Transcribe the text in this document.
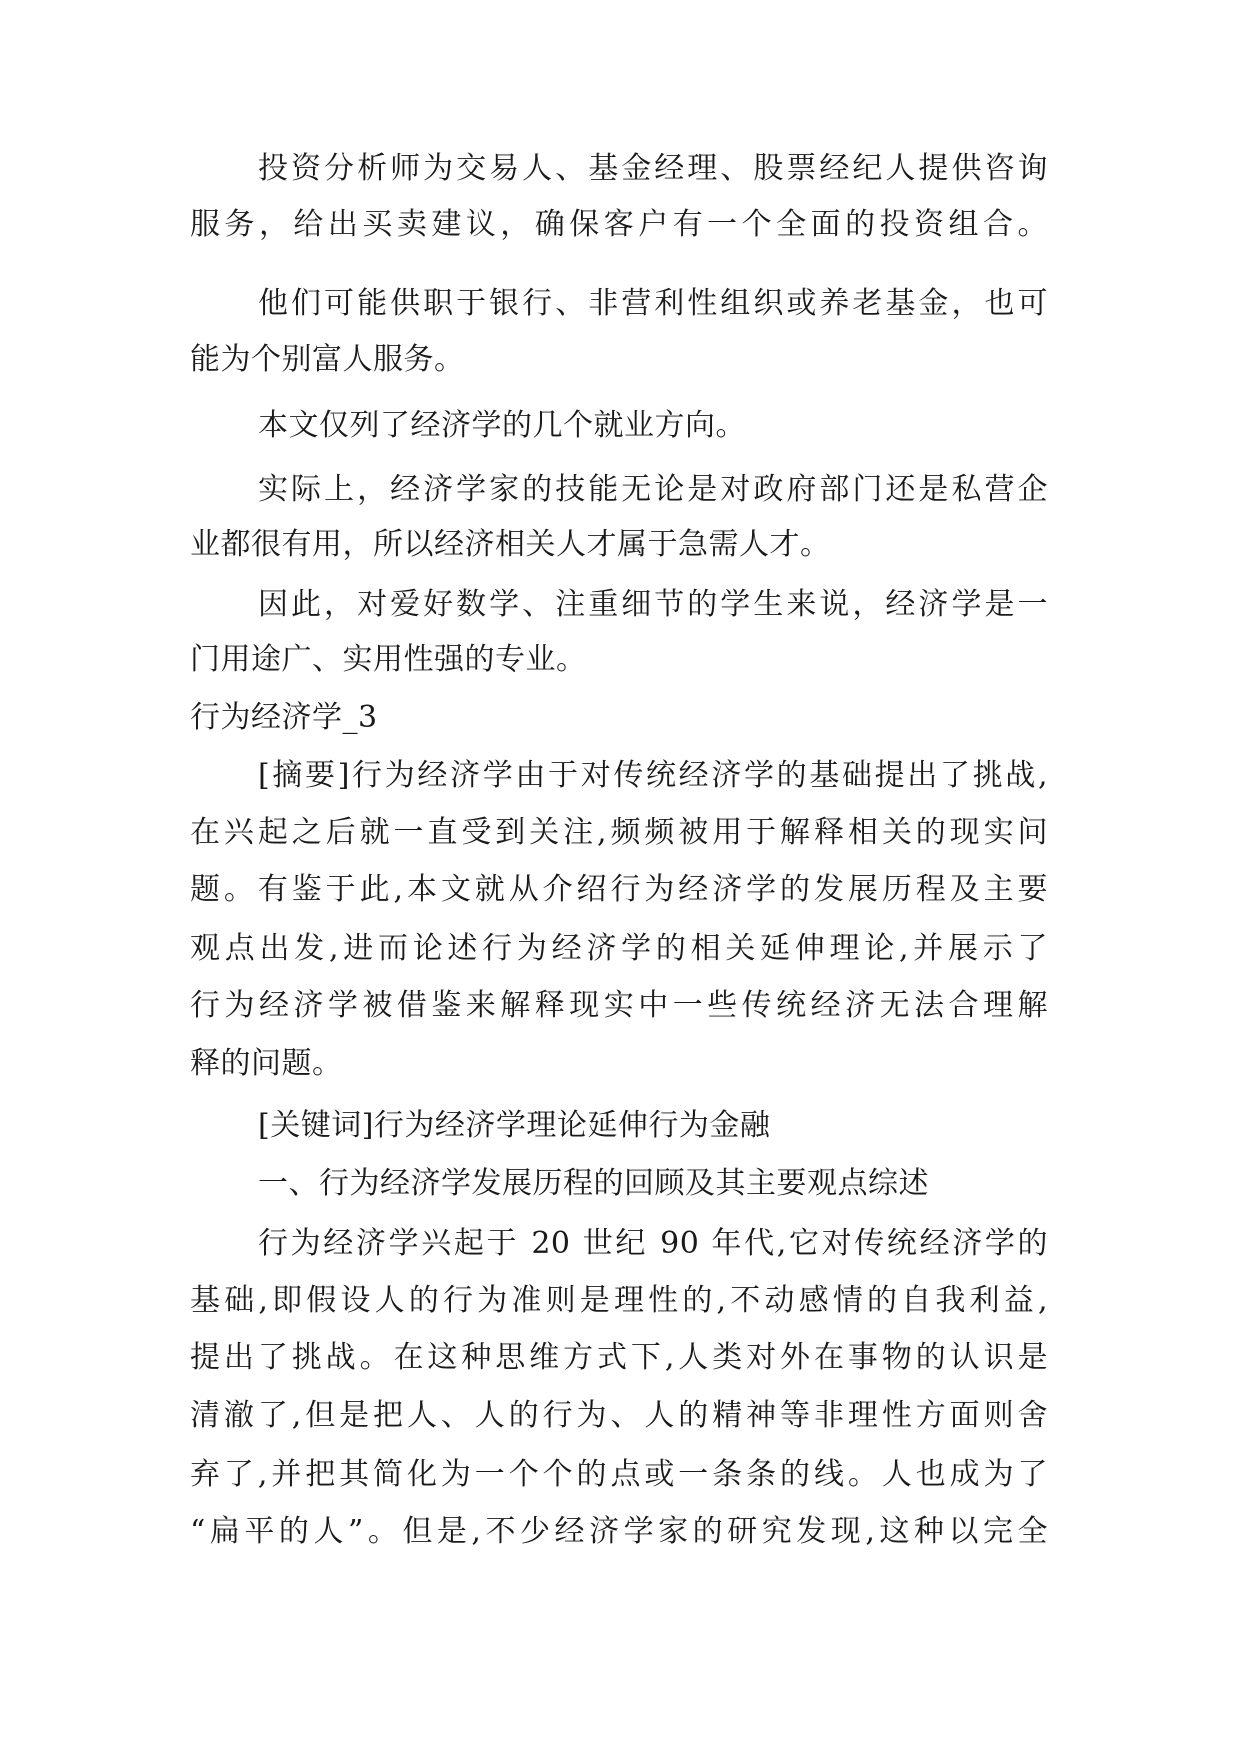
投资分析师为交易人、基金经理、股票经纪人提供咨询

服务，给出买卖建议，确保客户有一个全面的投资组合。

他们可能供职于银行、非营利性组织或养老基金，也可

能为个别富人服务。

本文仅列了经济学的几个就业方向。

实际上，经济学家的技能无论是对政府部门还是私营企

业都很有用，所以经济相关人才属于急需人才。

因此，对爱好数学、注重细节的学生来说，经济学是一

门用途广、实用性强的专业。

行为经济学_3

[摘要]行为经济学由于对传统经济学的基础提出了挑战,

在兴起之后就一直受到关注,频频被用于解释相关的现实问

题。有鉴于此,本文就从介绍行为经济学的发展历程及主要

观点出发,进而论述行为经济学的相关延伸理论,并展示了

行为经济学被借鉴来解释现实中一些传统经济无法合理解

释的问题。

[关键词]行为经济学理论延伸行为金融

一、行为经济学发展历程的回顾及其主要观点综述

行为经济学兴起于 20 世纪 90 年代,它对传统经济学的

基础,即假设人的行为准则是理性的,不动感情的自我利益,

提出了挑战。在这种思维方式下,人类对外在事物的认识是

清澈了,但是把人、人的行为、人的精神等非理性方面则舍

弃了,并把其简化为一个个的点或一条条的线。人也成为了

“扁平的人”。但是,不少经济学家的研究发现,这种以完全
